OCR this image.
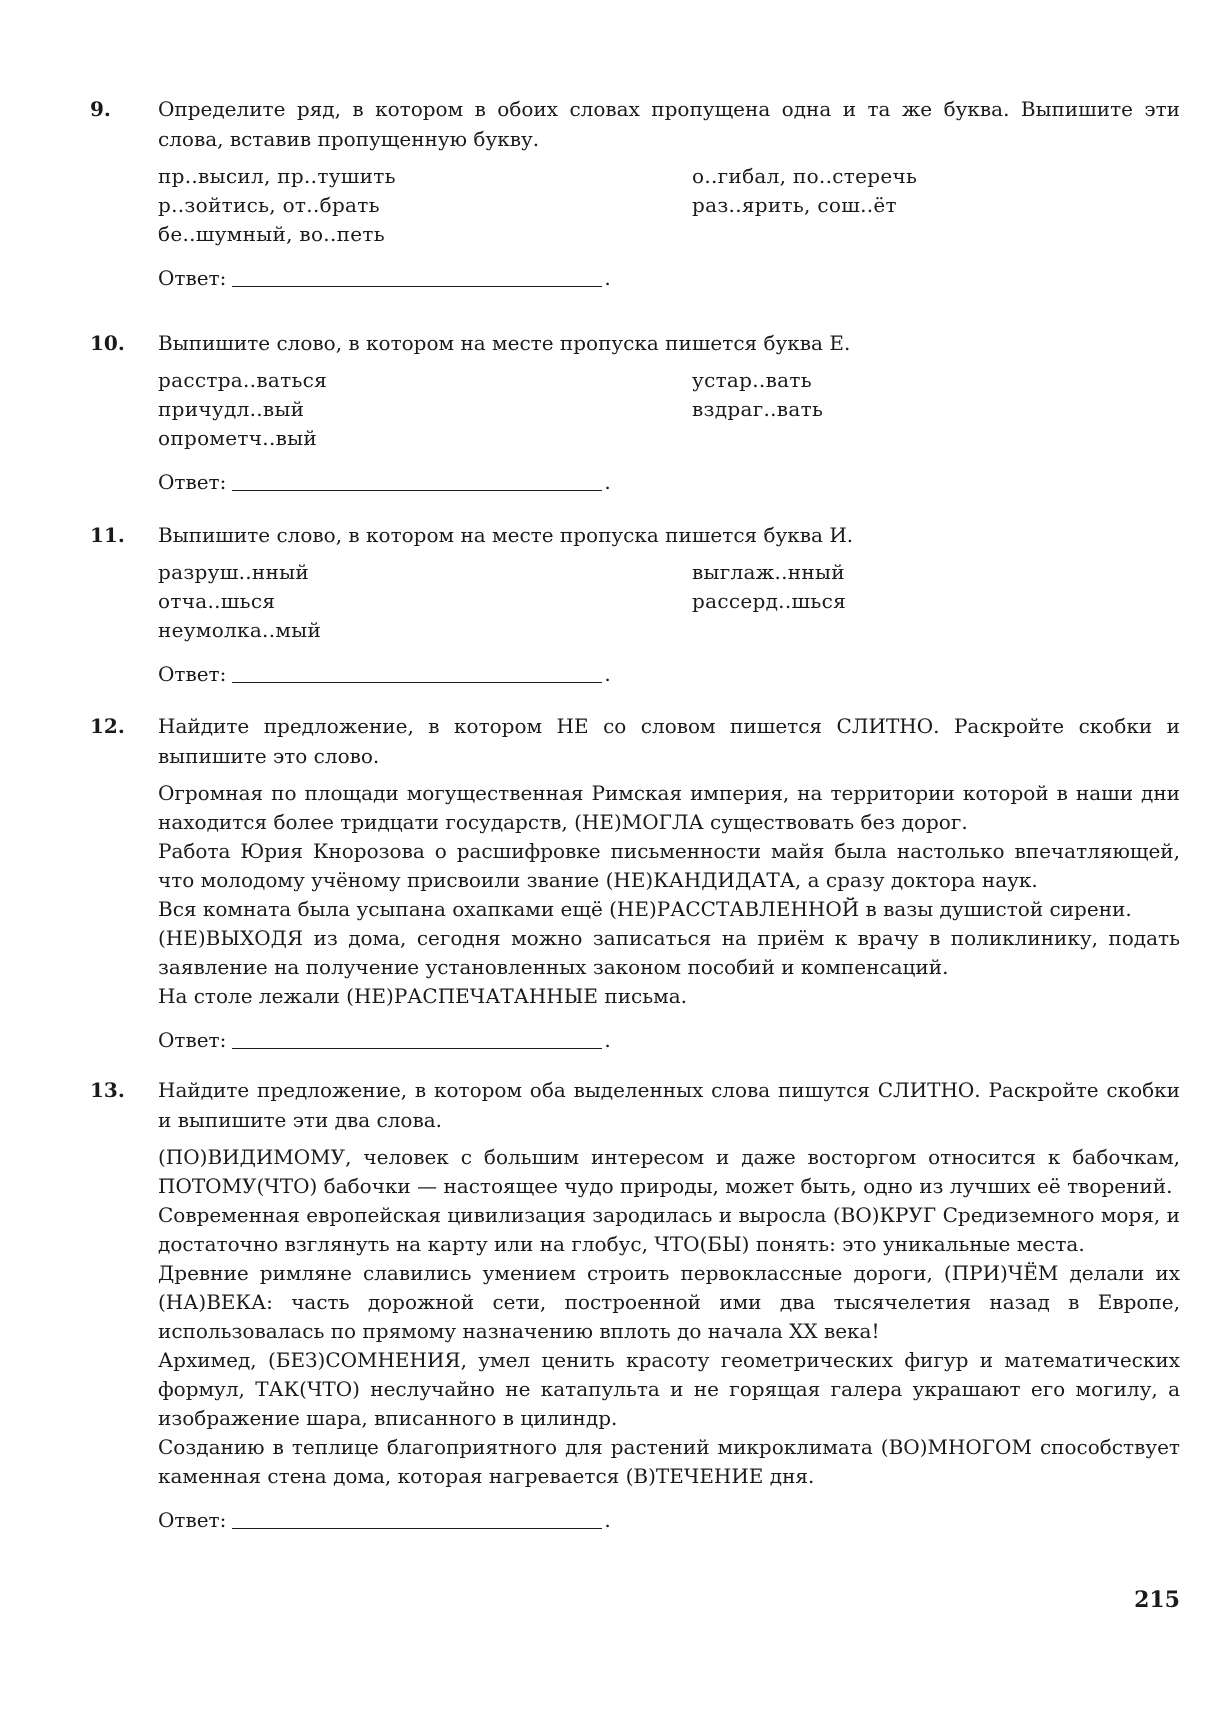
9.	Определите ряд, в котором в обоих словах пропущена одна и та же буква. Выпишите эти слова, вставив пропущенную букву.

пр..высил, пр..тушить
р..зойтись, от..брать
бе..шумный, во..петь
о..гибал, по..стеречь
раз..ярить, сош..ёт
Ответ:	.
10.	Выпишите слово, в котором на месте пропуска пишется буква Е.

расстра..ваться
причудл..вый
опрометч..вый
устар..вать
вздраг..вать
Ответ:	.
11.	Выпишите слово, в котором на месте пропуска пишется буква И.

разруш..нный
отча..шься
неумолка..мый
выглаж..нный
рассерд..шься
Ответ:	.
12.	Найдите предложение, в котором НЕ со словом пишется СЛИТНО. Раскройте скобки и выпишите это слово.

Огромная по площади могущественная Римская империя, на территории которой в наши дни находится более тридцати государств, (НЕ)МОГЛА существовать без дорог.

Работа Юрия Кнорозова о расшифровке письменности майя была настолько впечатляющей, что молодому учёному присвоили звание (НЕ)КАНДИДАТА, а сразу доктора наук.

Вся комната была усыпана охапками ещё (НЕ)РАССТАВЛЕННОЙ в вазы душистой сирени.

(НЕ)ВЫХОДЯ из дома, сегодня можно записаться на приём к врачу в поликлинику, подать заявление на получение установленных законом пособий и компенсаций.

На столе лежали (НЕ)РАСПЕЧАТАННЫЕ письма.

Ответ:	.
13.	Найдите предложение, в котором оба выделенных слова пишутся СЛИТНО. Раскройте скобки и выпишите эти два слова.

(ПО)ВИДИМОМУ, человек с большим интересом и даже восторгом относится к бабочкам, ПОТОМУ(ЧТО) бабочки — настоящее чудо природы, может быть, одно из лучших её творений.

Современная европейская цивилизация зародилась и выросла (ВО)КРУГ Средиземного моря, и достаточно взглянуть на карту или на глобус, ЧТО(БЫ) понять: это уникальные места.

Древние римляне славились умением строить первоклассные дороги, (ПРИ)ЧЁМ делали их (НА)ВЕКА: часть дорожной сети, построенной ими два тысячелетия назад в Европе, использовалась по прямому назначению вплоть до начала XX века!

Архимед, (БЕЗ)СОМНЕНИЯ, умел ценить красоту геометрических фигур и математических формул, ТАК(ЧТО) неслучайно не катапульта и не горящая галера украшают его могилу, а изображение шара, вписанного в цилиндр.

Созданию в теплице благоприятного для растений микроклимата (ВО)МНОГОМ способствует каменная стена дома, которая нагревается (В)ТЕЧЕНИЕ дня.

Ответ:	.
215
